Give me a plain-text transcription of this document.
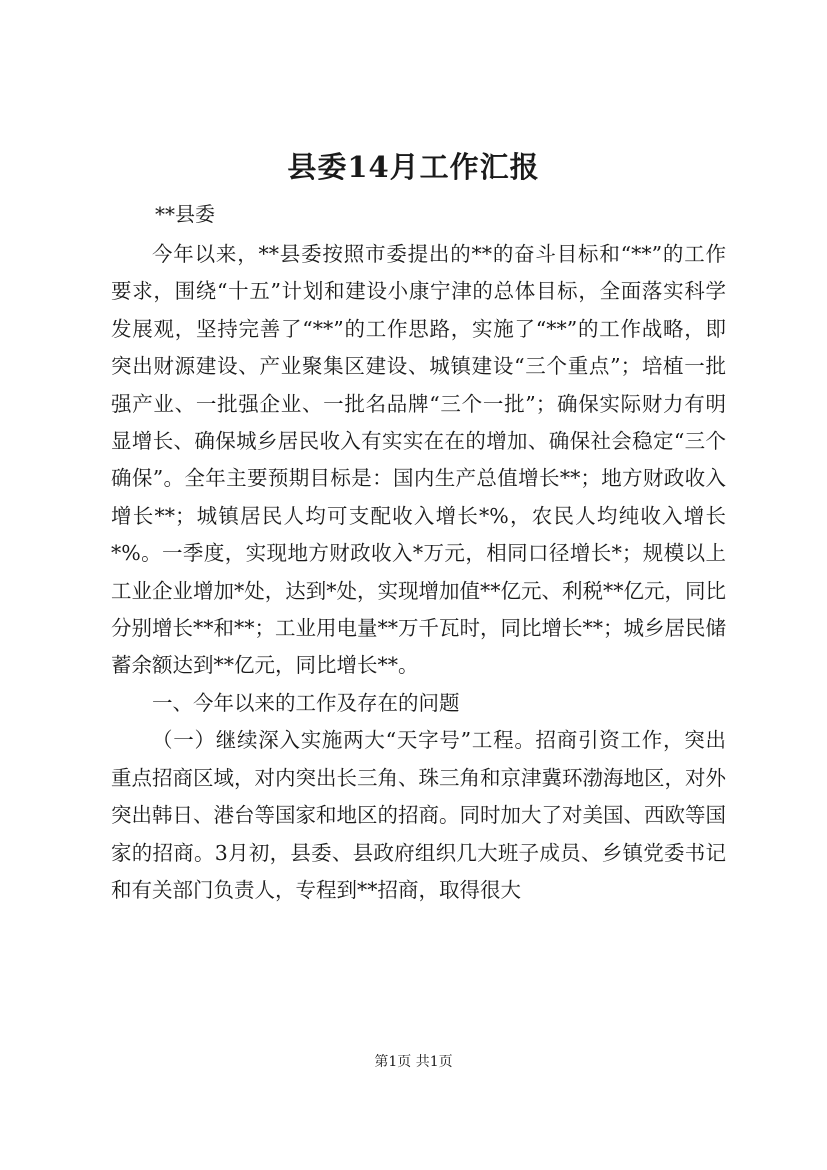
县委14月工作汇报
**县委

今年以来，**县委按照市委提出的**的奋斗目标和“**”的工作要求，围绕“十五”计划和建设小康宁津的总体目标，全面落实科学发展观，坚持完善了“**”的工作思路，实施了“**”的工作战略，即突出财源建设、产业聚集区建设、城镇建设“三个重点”；培植一批强产业、一批强企业、一批名品牌“三个一批”；确保实际财力有明显增长、确保城乡居民收入有实实在在的增加、确保社会稳定“三个确保”。全年主要预期目标是：国内生产总值增长**；地方财政收入增长**；城镇居民人均可支配收入增长*%，农民人均纯收入增长*%。一季度，实现地方财政收入*万元，相同口径增长*；规模以上工业企业增加*处，达到*处，实现增加值**亿元、利税**亿元，同比分别增长**和**；工业用电量**万千瓦时，同比增长**；城乡居民储蓄余额达到**亿元，同比增长**。

一、今年以来的工作及存在的问题

（一）继续深入实施两大“天字号”工程。招商引资工作，突出重点招商区域，对内突出长三角、珠三角和京津冀环渤海地区，对外突出韩日、港台等国家和地区的招商。同时加大了对美国、西欧等国家的招商。3月初，县委、县政府组织几大班子成员、乡镇党委书记和有关部门负责人，专程到**招商，取得很大

第1页 共1页
